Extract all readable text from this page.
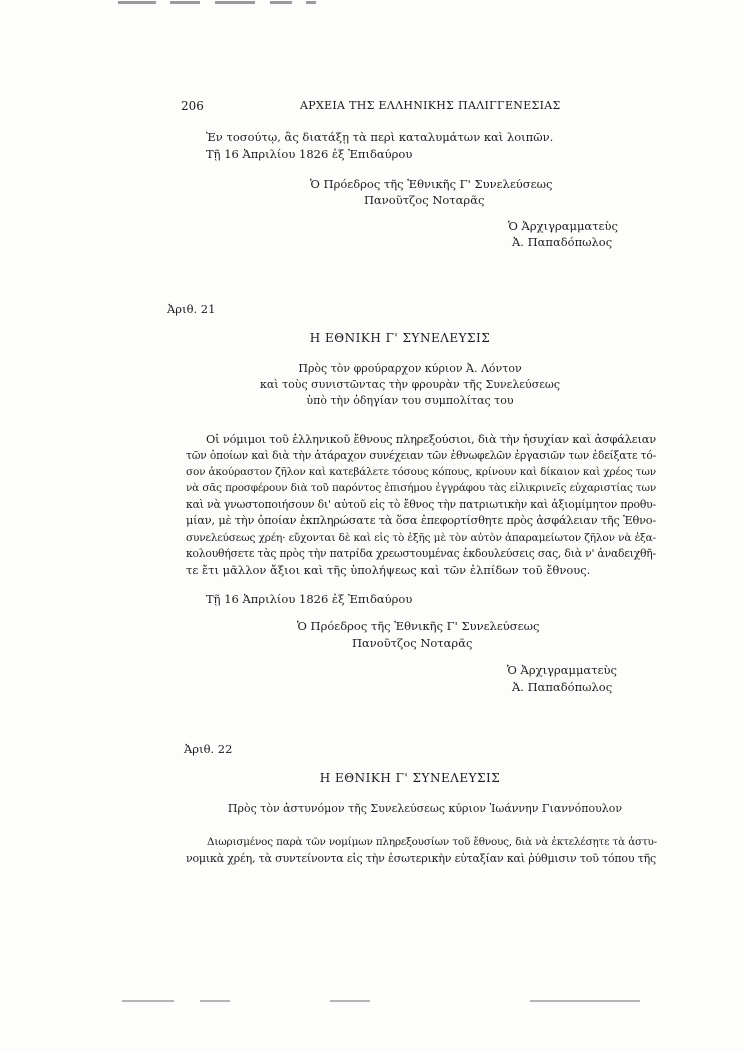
206	ΑΡΧΕΙΑ ΤΗΣ ΕΛΛΗΝΙΚΗΣ ΠΑΛΙΓΓΕΝΕΣΙΑΣ
Ἐν τοσούτῳ, ἂς διατάξῃ τὰ περὶ καταλυμάτων καὶ λοιπῶν.
Τῇ 16 Ἀπριλίου 1826 ἐξ Ἐπιδαύρου
Ὁ Πρόεδρος τῆς Ἐθνικῆς Γ' Συνελεύσεως
Πανοῦτζος Νοταρᾶς
Ὁ Ἀρχιγραμματεὺς
Ἀ. Παπαδόπωλος
Ἀριθ. 21
Η ΕΘΝΙΚΗ Γ' ΣΥΝΕΛΕΥΣΙΣ
Πρὸς τὸν φρούραρχον κύριον Ἀ. Λόντον
καὶ τοὺς συνιστῶντας τὴν φρουρὰν τῆς Συνελεύσεως
ὑπὸ τὴν ὁδηγίαν του συμπολίτας του
Οἱ νόμιμοι τοῦ ἑλληνικοῦ ἔθνους πληρεξούσιοι, διὰ τὴν ἡσυχίαν καὶ ἀσφάλειαν
τῶν ὁποίων καὶ διὰ τὴν ἀτάραχον συνέχειαν τῶν ἐθνωφελῶν ἐργασιῶν των ἐδείξατε τό-
σον ἀκούραστον ζῆλον καὶ κατεβάλετε τόσους κόπους, κρίνουν καὶ δίκαιον καὶ χρέος των
νὰ σᾶς προσφέρουν διὰ τοῦ παρόντος ἐπισήμου ἐγγράφου τὰς εἰλικρινεῖς εὐχαριστίας των
καὶ νὰ γνωστοποιήσουν δι' αὐτοῦ εἰς τὸ ἔθνος τὴν πατριωτικὴν καὶ ἀξιομίμητον προθυ-
μίαν, μὲ τὴν ὁποίαν ἐκπληρώσατε τὰ ὅσα ἐπεφορτίσθητε πρὸς ἀσφάλειαν τῆς Ἐθνο-
συνελεύσεως χρέη· εὔχονται δὲ καὶ εἰς τὸ ἑξῆς μὲ τὸν αὐτὸν ἀπαραμείωτον ζῆλον νὰ ἐξα-
κολουθήσετε τὰς πρὸς τὴν πατρίδα χρεωστουμένας ἐκδουλεύσεις σας, διὰ ν' ἀναδειχθῆ-
τε ἔτι μᾶλλον ἄξιοι καὶ τῆς ὑπολήψεως καὶ τῶν ἐλπίδων τοῦ ἔθνους.
Τῇ 16 Ἀπριλίου 1826 ἐξ Ἐπιδαύρου
Ὁ Πρόεδρος τῆς Ἐθνικῆς Γ' Συνελεύσεως
Πανοῦτζος Νοταρᾶς
Ὁ Ἀρχιγραμματεὺς
Ἀ. Παπαδόπωλος
Ἀριθ. 22
Η ΕΘΝΙΚΗ Γ' ΣΥΝΕΛΕΥΣΙΣ
Πρὸς τὸν ἀστυνόμον τῆς Συνελεύσεως κύριον Ἰωάννην Γιαννόπουλον
Διωρισμένος παρὰ τῶν νομίμων πληρεξουσίων τοῦ ἔθνους, διὰ νὰ ἐκτελέσῃτε τὰ ἀστυ-
νομικὰ χρέη, τὰ συντείνοντα εἰς τὴν ἐσωτερικὴν εὐταξίαν καὶ ῥύθμισιν τοῦ τόπου τῆς
